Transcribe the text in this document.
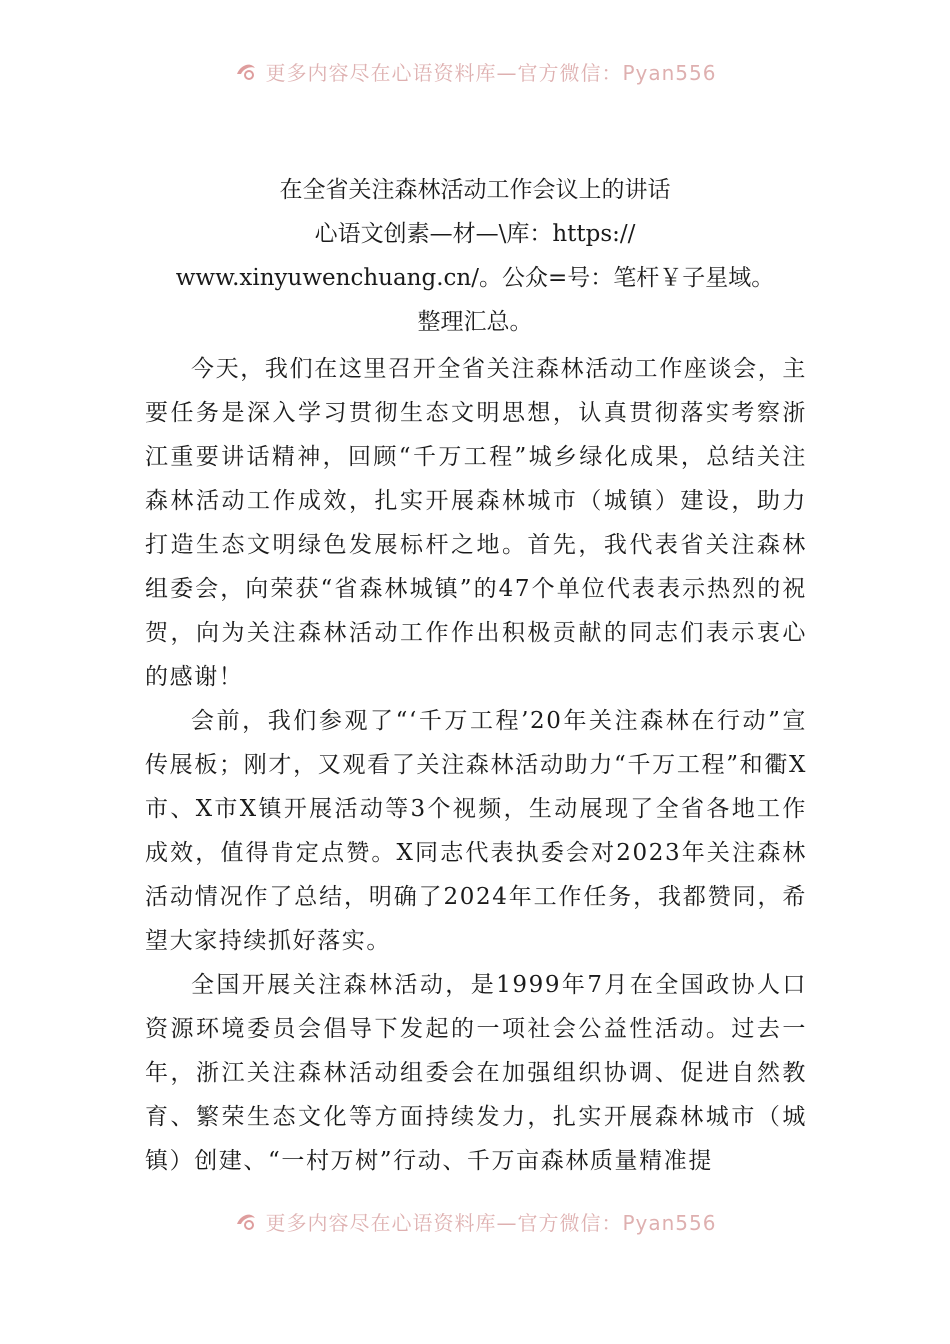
更多内容尽在心语资料库—官方微信：Pyan556
在全省关注森林活动工作会议上的讲话
心语文创素—材—\库：https://
www.xinyuwenchuang.cn/。公众=号：笔杆￥子星域。
整理汇总。

今天，我们在这里召开全省关注森林活动工作座谈会，主要任务是深入学习贯彻生态文明思想，认真贯彻落实考察浙江重要讲话精神，回顾“千万工程”城乡绿化成果，总结关注森林活动工作成效，扎实开展森林城市（城镇）建设，助力打造生态文明绿色发展标杆之地。首先，我代表省关注森林组委会，向荣获“省森林城镇”的47个单位代表表示热烈的祝贺，向为关注森林活动工作作出积极贡献的同志们表示衷心的感谢！

会前，我们参观了“‘千万工程’20年关注森林在行动”宣传展板；刚才，又观看了关注森林活动助力“千万工程”和衢X市、X市X镇开展活动等3个视频，生动展现了全省各地工作成效，值得肯定点赞。X同志代表执委会对2023年关注森林活动情况作了总结，明确了2024年工作任务，我都赞同，希望大家持续抓好落实。

全国开展关注森林活动，是1999年7月在全国政协人口资源环境委员会倡导下发起的一项社会公益性活动。过去一年，浙江关注森林活动组委会在加强组织协调、促进自然教育、繁荣生态文化等方面持续发力，扎实开展森林城市（城镇）创建、“一村万树”行动、千万亩森林质量精准提

更多内容尽在心语资料库—官方微信：Pyan556
